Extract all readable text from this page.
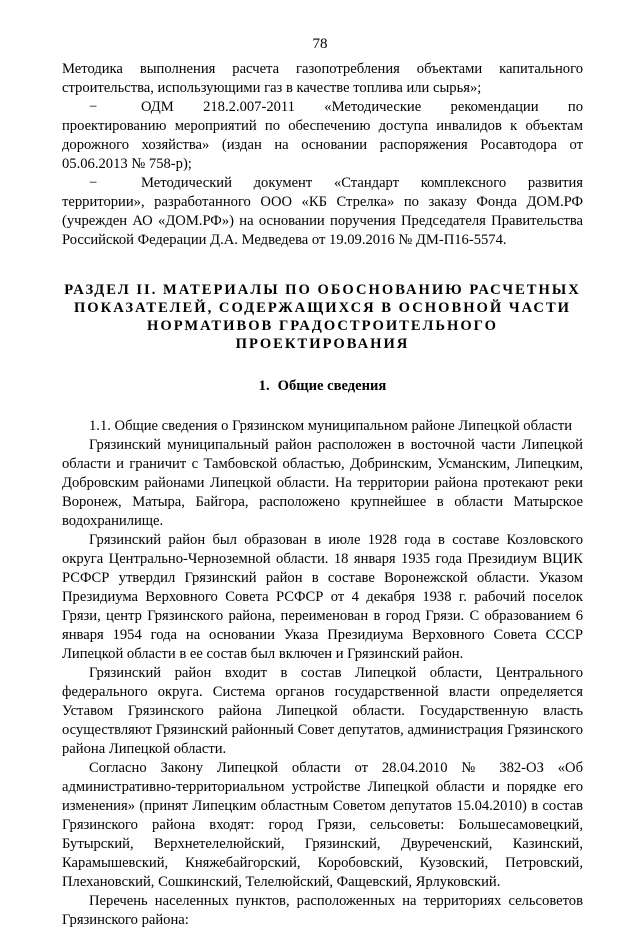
78

Методика выполнения расчета газопотребления объектами капитального строительства, использующими газ в качестве топлива или сырья»;

−	ОДМ 218.2.007-2011 «Методические рекомендации по проектированию мероприятий по обеспечению доступа инвалидов к объектам дорожного хозяйства» (издан на основании распоряжения Росавтодора от 05.06.2013 № 758-р);

−	Методический документ «Стандарт комплексного развития территории», разработанного ООО «КБ Стрелка» по заказу Фонда ДОМ.РФ (учрежден АО «ДОМ.РФ») на основании поручения Председателя Правительства Российской Федерации Д.А. Медведева от 19.09.2016 № ДМ-П16-5574.

РАЗДЕЛ II. МАТЕРИАЛЫ ПО ОБОСНОВАНИЮ РАСЧЕТНЫХ ПОКАЗАТЕЛЕЙ, СОДЕРЖАЩИХСЯ В ОСНОВНОЙ ЧАСТИ НОРМАТИВОВ ГРАДОСТРОИТЕЛЬНОГО ПРОЕКТИРОВАНИЯ
1. Общие сведения

1.1. Общие сведения о Грязинском муниципальном районе Липецкой области

Грязинский муниципальный район расположен в восточной части Липецкой области и граничит с Тамбовской областью, Добринским, Усманским, Липецким, Добровским районами Липецкой области. На территории района протекают реки Воронеж, Матыра, Байгора, расположено крупнейшее в области Матырское водохранилище.

Грязинский район был образован в июле 1928 года в составе Козловского округа Центрально-Черноземной области. 18 января 1935 года Президиум ВЦИК РСФСР утвердил Грязинский район в составе Воронежской области. Указом Президиума Верховного Совета РСФСР от 4 декабря 1938 г. рабочий поселок Грязи, центр Грязинского района, переименован в город Грязи. С образованием 6 января 1954 года на основании Указа Президиума Верховного Совета СССР Липецкой области в ее состав был включен и Грязинский район.

Грязинский район входит в состав Липецкой области, Центрального федерального округа. Система органов государственной власти определяется Уставом Грязинского района Липецкой области. Государственную власть осуществляют Грязинский районный Совет депутатов, администрация Грязинского района Липецкой области.

Согласно Закону Липецкой области от 28.04.2010 № 382-ОЗ «Об административно-территориальном устройстве Липецкой области и порядке его изменения» (принят Липецким областным Советом депутатов 15.04.2010) в состав Грязинского района входят: город Грязи, сельсоветы: Большесамовецкий, Бутырский, Верхнетелелюйский, Грязинский, Двуреченский, Казинский, Карамышевский, Княжебайгорский, Коробовский, Кузовский, Петровский, Плехановский, Сошкинский, Телелюйский, Фащевский, Ярлуковский.

Перечень населенных пунктов, расположенных на территориях сельсоветов Грязинского района:
